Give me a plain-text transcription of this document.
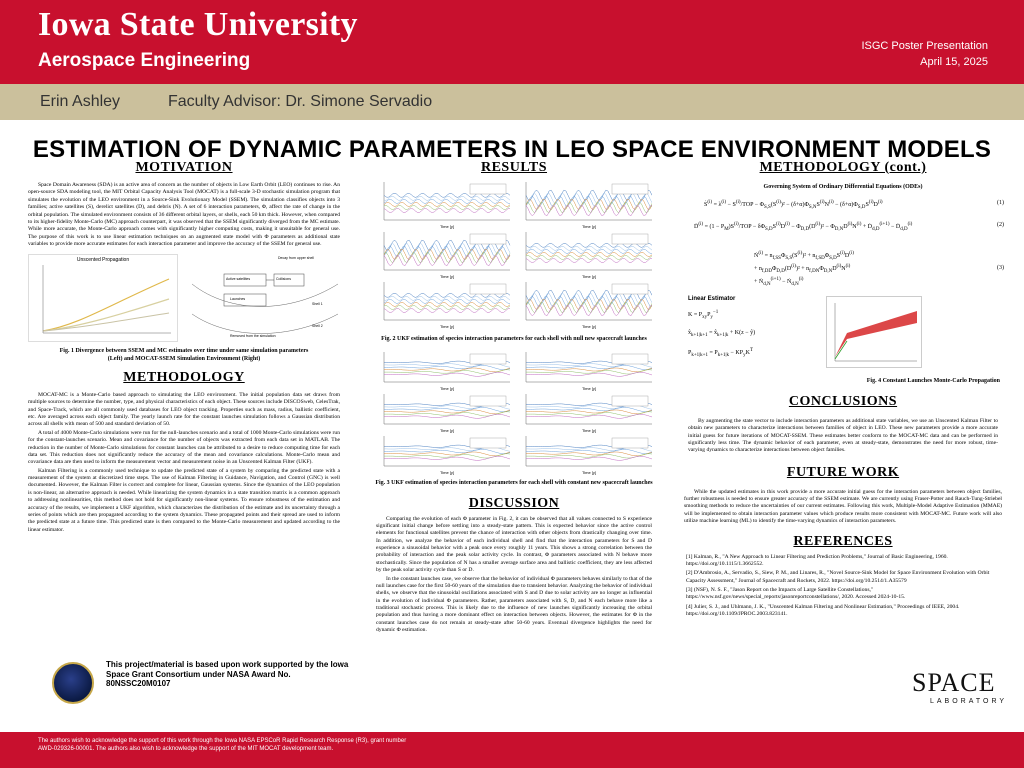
Iowa State University
Aerospace Engineering
ISGC Poster Presentation
April 15, 2025
Erin Ashley	Faculty Advisor: Dr. Simone Servadio
ESTIMATION OF DYNAMIC PARAMETERS IN LEO SPACE ENVIRONMENT MODELS
MOTIVATION

Space Domain Awareness (SDA) is an active area of concern as the number of objects in Low Earth Orbit (LEO) continues to rise. An open-source SDA modeling tool, the MIT Orbital Capacity Analysis Tool (MOCAT) is a full-scale 3-D stochastic simulation program that simulates the evolution of the LEO environment in a Source-Sink Evolutionary Model (SSEM). The simulation classifies objects into 3 families; active satellites (S), derelict satellites (D), and debris (N). A set of 6 interaction parameters, Φ, affect the rate of change in the orbital population. The simulated environment consists of 36 different orbital layers, or shells, each 50 km thick. However, when compared to its higher-fidelity Monte-Carlo (MC) approach counterpart, it was observed that the SSEM significantly diverged from the MC estimate. While more accurate, the Monte-Carlo approach comes with significantly higher computing costs, making it unsuitable for general use. The purpose of this work is to use linear estimation techniques on an augmented state model with Φ parameters as additional state variables to provide more accurate estimates for each interaction parameter and improve the accuracy of the SSEM for general use.

Unscented Propagation	Decay from upper shell
Active satellites	Collisions
Launches
Shell 1
Shell 2
Removed from the simulation
Fig. 1 Divergence between SSEM and MC estimates over time under same simulation parameters (Left) and MOCAT-SSEM Simulation Environment (Right)
METHODOLOGY

MOCAT-MC is a Monte-Carlo based approach to simulating the LEO environment. The initial population data set draws from multiple sources to determine the number, type, and physical characteristics of each object. These sources include DISCOSweb, CelesTrak, and Space-Track, which are all commonly used databases for LEO object tracking. Properties such as mass, radius, ballistic coefficient, etc. Are averaged across each object family. The yearly launch rate for the constant launches simulation follows a Gaussian distribution across all shells with mean of 500 and standard deviation of 50.

A total of 4000 Monte-Carlo simulations were run for the null-launches scenario and a total of 1000 Monte-Carlo simulations were run for the constant-launches scenario. Mean and covariance for the number of objects was extracted from each data set in MATLAB. The reduction in the number of Monte-Carlo simulations for constant launches can be attributed to a desire to reduce computing time for each data set. This reduction does not significantly reduce the accuracy of the mean and covariance calculations. Monte-Carlo mean and covariance data are then used to inform the measurement vector and measurement noise in an Unscented Kalman Filter (UKF).

Kalman Filtering is a commonly used technique to update the predicted state of a system by comparing the predicted state with a measurement of the system at discretized time steps. The use of Kalman Filtering in Guidance, Navigation, and Control (GNC) is well documented. However, the Kalman Filter is correct and complete for linear, Gaussian systems. Since the dynamics of the LEO population is non-linear, an alternative approach is needed. While linearizing the system dynamics in a state transition matrix is a common approach to addressing nonlinearities, this method does not hold for significantly non-linear systems. To ensure robustness of the estimation and accuracy of the results, we implement a UKF algorithm, which characterizes the distribution of the estimate and its uncertainty through a series of points which are then propagated according to the system dynamics. These propagated points and their spread are used to inform the predicted state at a future time. This predicted state is then compared to the Monte-Carlo measurement and updated according to the linear estimator.

This project/material is based upon work supported by the Iowa Space Grant Consortium under NASA Award No. 80NSSC20M0107
RESULTS
Time [y]	Time [y]
Time [y]	Time [y]
Time [y]	Time [y]
Fig. 2 UKF estimation of species interaction parameters for each shell with null new spacecraft launches
Time [y]	Time [y]
Time [y]	Time [y]
Time [y]	Time [y]
Fig. 3 UKF estimation of species interaction parameters for each shell with constant new spacecraft launches
DISCUSSION

Comparing the evolution of each Φ parameter in Fig. 2, it can be observed that all values connected to S experience significant initial change before settling into a steady-state pattern. This is expected behavior since the active control elements for functional satellites prevent the chance of interaction with other objects from drastically changing over time. In addition, we analyze the behavior of each individual shell and find that the interaction parameters for S and D experience a sinusoidal behavior with a peak once every roughly 11 years. This shows a strong correlation between the probability of interaction and the peak solar activity cycle. In contrast, Φ parameters associated with N behave more stochastically. Since the population of N has a smaller average surface area and ballistic coefficient, they are less affected by the peak solar activity cycle than S or D.

In the constant launches case, we observe that the behavior of individual Φ parameters behaves similarly to that of the null launches case for the first 50-60 years of the simulation due to transient behavior. Analyzing the behavior of individual shells, we observe that the sinusoidal oscillations associated with S and D due to solar activity are no longer as influential in the evolution of individual Φ parameters. Rather, parameters associated with S, D, and N each behave more like a traditional stochastic process. This is likely due to the influence of new launches significantly increasing the orbital population and thus having a more dominant effect on interaction between objects. However, the estimates for Φ in the constant launches case do not remain at steady-state after 50-60 years. Eventual divergence highlights the need for dynamic Φ estimation.

METHODOLOGY (cont.)
Governing System of Ordinary Differential Equations (ODEs)
Ṡ$^{(i)}$ = $\lambda^{(i)} - S^{(i)}/TOP - \Phi_{S,S}(S^{(i)})^2 - (\delta+\alpha)\Phi_{S,N}S^{(i)}N^{(i)} - (\delta+\alpha)\Phi_{S,D}S^{(i)}D^{(i)}$	(1)
Ḋ$^{(i)}$ = $(1 - P_M)S^{(i)}$/TOP − $\delta\Phi_{S,D}S^{(i)}D^{(i)} - \Phi_{D,D}(D^{(i)})^2 - \Phi_{D,N}D^{(i)}N^{(i)}$ + Ḋ$_{d,D}^{(i+1)}$ − Ḋ$_{d,D}^{(i)}$	(2)
Ṅ$^{(i)}$ = $n_{f,SS}\Phi_{S,S}(S^{(i)})^2 + n_{f,SD}\Phi_{S,D}S^{(i)}D^{(i)}$
+ $n_{f,DD}\Phi_{D,D}(D^{(i)})^2 + n_{f,DN}\Phi_{D,N}D^{(i)}N^{(i)}$
+ Ṅ$_{d,N}^{(i+1)}$ − Ṅ$_{d,N}^{(i)}$
(3)
Linear Estimator
$K = P_{xy}P_y^{-1}$
$x̂_{k+1|k+1}$ = $x̂_{k+1|k} + K(z$ − ŷ)
$P_{k+1|k+1} = P_{k+1|k} - KP_yK^T$
Fig. 4 Constant Launches Monte-Carlo Propagation
CONCLUSIONS

By augmenting the state vector to include interaction parameters as additional state variables, we use an Unscented Kalman Filter to obtain new parameters to characterize interactions between families of object in LEO. These new parameters provide a more accurate initial guess for future iterations of MOCAT-SSEM. These estimates better conform to the MOCAT-MC data and can be performed in significantly less time. The dynamic behavior of each parameter, even at steady-state, demonstrates the need for more robust, time-varying dynamics to characterize interactions between object families.

FUTURE WORK

While the updated estimates in this work provide a more accurate initial guess for the interaction parameters between object families, further robustness is needed to ensure greater accuracy of the SSEM estimate. We are currently using Fraser-Potter and Rauch-Tung-Striebel smoothing methods to reduce the uncertainties of our current estimates. Following this work, Multiple-Model Adaptive Estimation (MMAE) will be implemented to obtain interaction parameter values which produce results more consistent with MOCAT-MC. Future work will also utilize machine learning (ML) to identify the time-varying dynamics of interaction parameters.

REFERENCES
[1] Kalman, R., "A New Approach to Linear Filtering and Prediction Problems," Journal of Basic Engineering, 1960. https://doi.org/10.1115/1.3662552.
[2] D'Ambrosio, A., Servadio, S., Siew, P. M., and Linares, R., "Novel Source-Sink Model for Space Environment Evolution with Orbit Capacity Assessment," Journal of Spacecraft and Rockets, 2022. https://doi.org/10.2514/1.A35579
[3] (NSF), N. S. F., "Jason Report on the Impacts of Large Satellite Constellations," https://www.nsf.gov/news/special_reports/jasonreportconstellations/, 2020. Accessed 2024-10-15.
[4] Julier, S. J., and Uhlmann, J. K., "Unscented Kalman Filtering and Nonlinear Estimation," Proceedings of IEEE, 2004. https://doi.org/10.1109/JPROC.2003.823141.
SPACE
LABORATORY
The authors wish to acknowledge the support of this work through the Iowa NASA EPSCoR Rapid Research Response (R3), grant number AWD-029326-00001. The authors also wish to acknowledge the support of the MIT MOCAT development team.
